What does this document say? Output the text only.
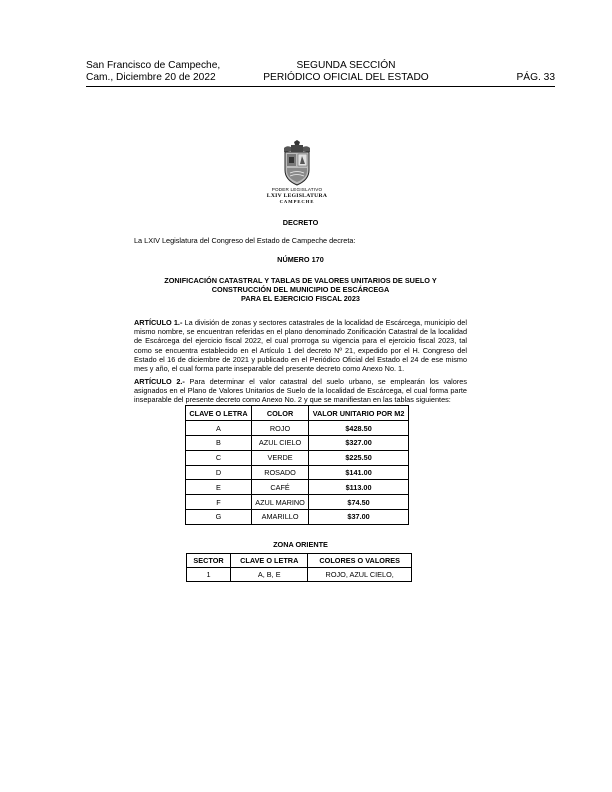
San Francisco de Campeche,
Cam., Diciembre 20 de 2022
SEGUNDA SECCIÓN
PERIÓDICO OFICIAL DEL ESTADO	PÁG. 33
PODER LEGISLATIVO
LXIV LEGISLATURA
CAMPECHE

DECRETO

La LXIV Legislatura del Congreso del Estado de Campeche decreta:

NÚMERO 170

ZONIFICACIÓN CATASTRAL Y TABLAS DE VALORES UNITARIOS DE SUELO Y
CONSTRUCCIÓN DEL MUNICIPIO DE ESCÁRCEGA
PARA EL EJERCICIO FISCAL 2023

ARTÍCULO 1.- La división de zonas y sectores catastrales de la localidad de Escárcega, municipio del mismo nombre, se encuentran referidas en el plano denominado Zonificación Catastral de la localidad de Escárcega del ejercicio fiscal 2022, el cual prorroga su vigencia para el ejercicio fiscal 2023, tal como se encuentra establecido en el Artículo 1 del decreto Nº 21, expedido por el H. Congreso del Estado el 16 de diciembre de 2021 y publicado en el Periódico Oficial del Estado el 24 de ese mismo mes y año, el cual forma parte inseparable del presente decreto como Anexo No. 1.

ARTÍCULO 2.- Para determinar el valor catastral del suelo urbano, se emplearán los valores asignados en el Plano de Valores Unitarios de Suelo de la localidad de Escárcega, el cual forma parte inseparable del presente decreto como Anexo No. 2 y que se manifiestan en las tablas siguientes:

CLAVE O LETRA	COLOR	VALOR UNITARIO POR M2
A	ROJO	$428.50
B	AZUL CIELO	$327.00
C	VERDE	$225.50
D	ROSADO	$141.00
E	CAFÉ	$113.00
F	AZUL MARINO	$74.50
G	AMARILLO	$37.00

ZONA ORIENTE

SECTOR	CLAVE O LETRA	COLORES O VALORES
1	A, B, E	ROJO, AZUL CIELO,
